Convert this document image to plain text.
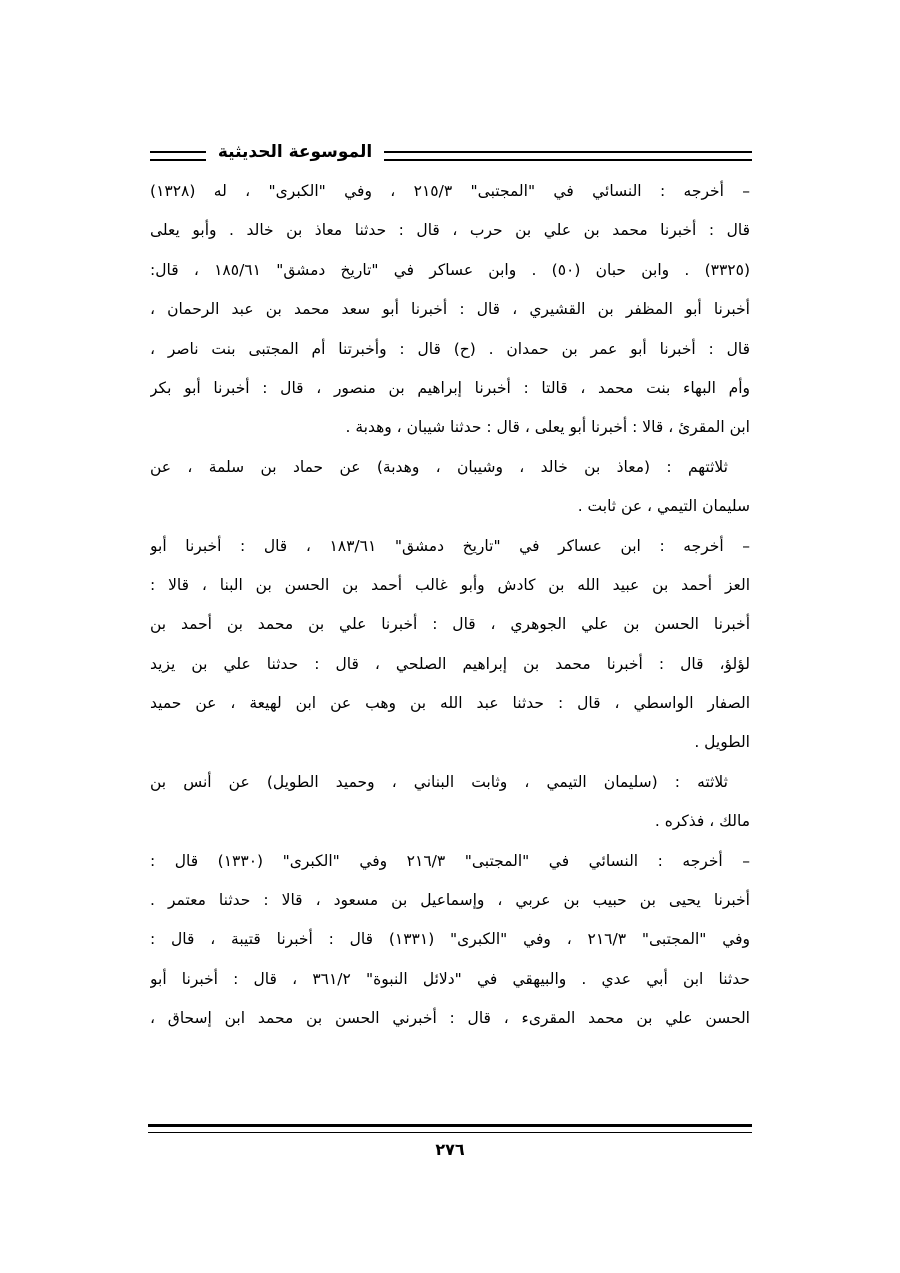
الموسوعة الحديثية
– أخرجه : النسائي في "المجتبى" ٢١٥/٣ ، وفي "الكبرى" ، له (١٣٢٨)
قال : أخبرنا محمد بن علي بن حرب ، قال : حدثنا معاذ بن خالد . وأبو يعلى
(٣٣٢٥) . وابن حبان (٥٠) . وابن عساكر في "تاريخ دمشق" ١٨٥/٦١ ، قال:
أخبرنا أبو المظفر بن القشيري ، قال : أخبرنا أبو سعد محمد بن عبد الرحمان ،
قال : أخبرنا أبو عمر بن حمدان . (ح) قال : وأخبرتنا أم المجتبى بنت ناصر ،
وأم البهاء بنت محمد ، قالتا : أخبرنا إبراهيم بن منصور ، قال : أخبرنا أبو بكر
ابن المقرئ ، قالا : أخبرنا أبو يعلى ، قال : حدثنا شيبان ، وهدبة .
ثلاثتهم : (معاذ بن خالد ، وشيبان ، وهدبة) عن حماد بن سلمة ، عن
سليمان التيمي ، عن ثابت .
– أخرجه : ابن عساكر في "تاريخ دمشق" ١٨٣/٦١ ، قال : أخبرنا أبو
العز أحمد بن عبيد الله بن كادش وأبو غالب أحمد بن الحسن بن البنا ، قالا :
أخبرنا الحسن بن علي الجوهري ، قال : أخبرنا علي بن محمد بن أحمد بن
لؤلؤ، قال : أخبرنا محمد بن إبراهيم الصلحي ، قال : حدثنا علي بن يزيد
الصفار الواسطي ، قال : حدثنا عبد الله بن وهب عن ابن لهيعة ، عن حميد
الطويل .
ثلاثته : (سليمان التيمي ، وثابت البناني ، وحميد الطويل) عن أنس بن
مالك ، فذكره .
– أخرجه : النسائي في "المجتبى" ٢١٦/٣ وفي "الكبرى" (١٣٣٠) قال :
أخبرنا يحيى بن حبيب بن عربي ، وإسماعيل بن مسعود ، قالا : حدثنا معتمر .
وفي "المجتبى" ٢١٦/٣ ، وفي "الكبرى" (١٣٣١) قال : أخبرنا قتيبة ، قال :
حدثنا ابن أبي عدي . والبيهقي في "دلائل النبوة" ٣٦١/٢ ، قال : أخبرنا أبو
الحسن علي بن محمد المقرىء ، قال : أخبرني الحسن بن محمد ابن إسحاق ،
٢٧٦
